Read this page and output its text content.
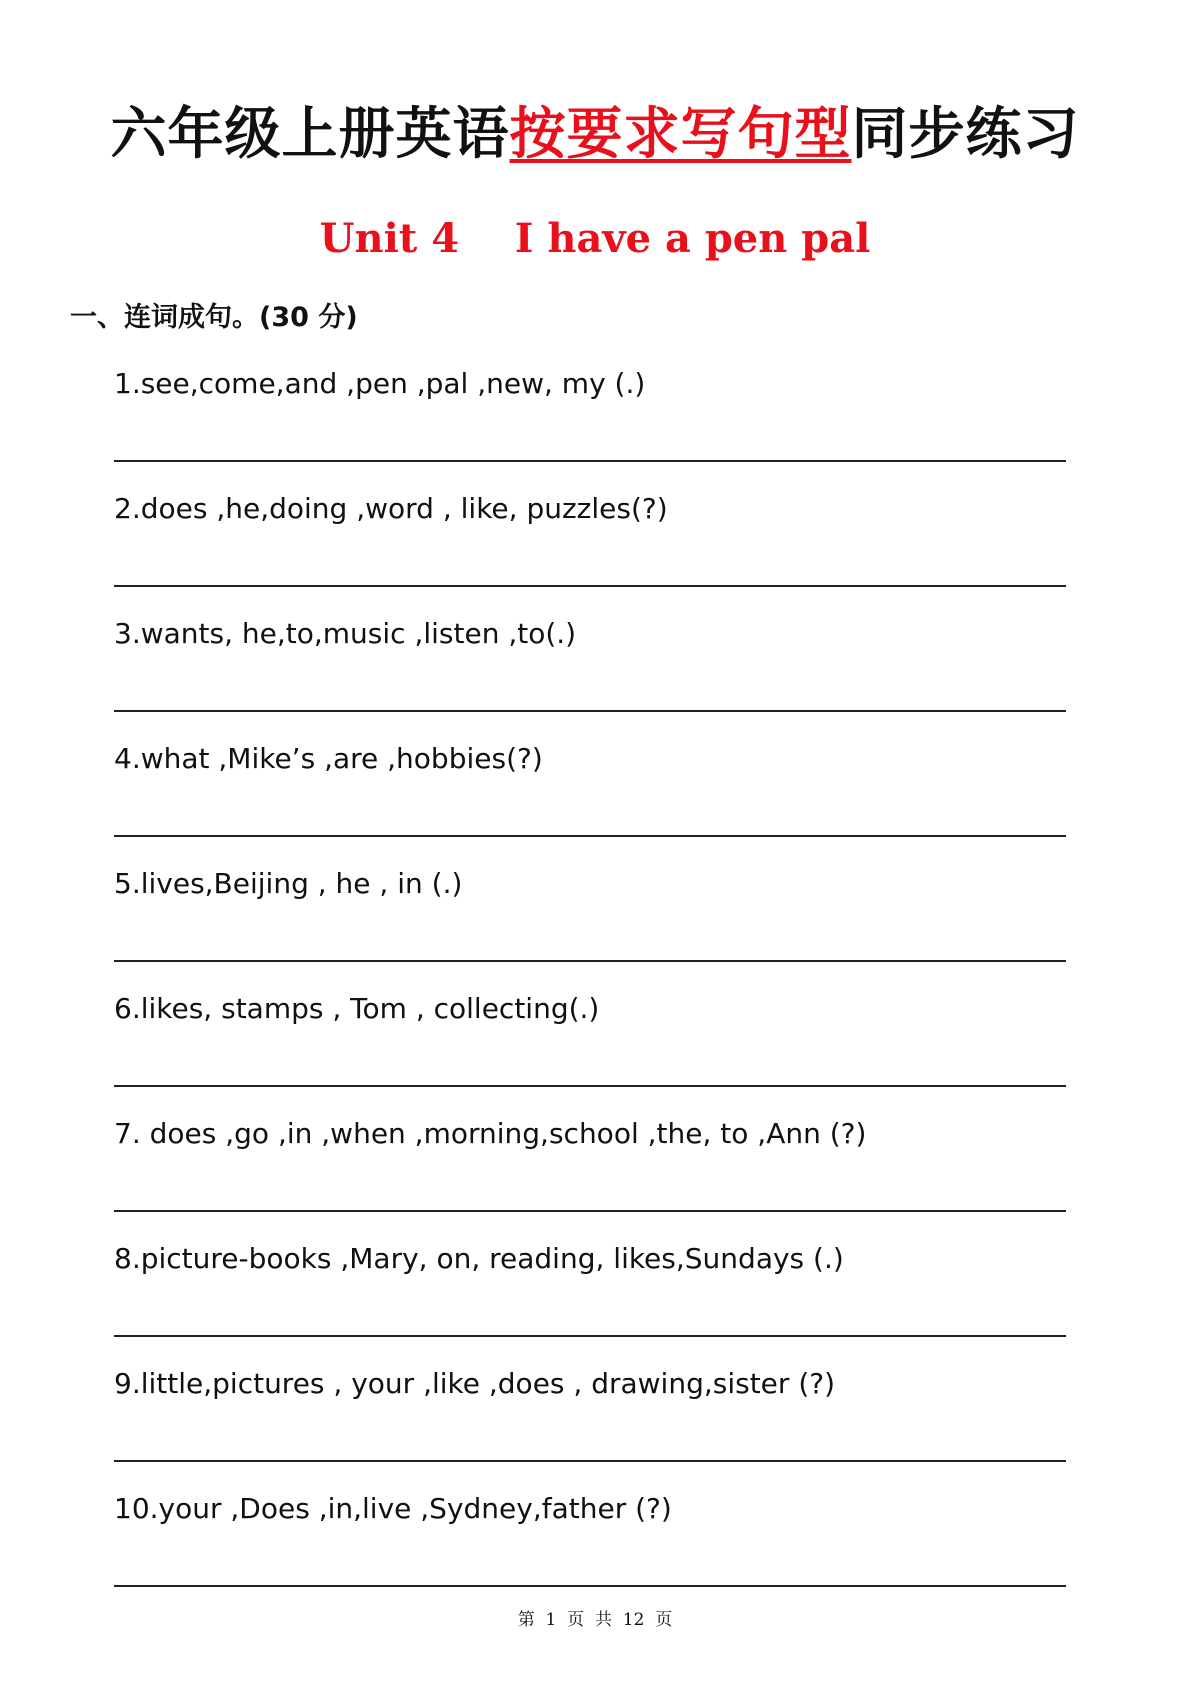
六年级上册英语按要求写句型同步练习
Unit 4    I have a pen pal
一、连词成句。(30 分)
1.see,come,and ,pen ,pal ,new, my (.)
2.does ,he,doing ,word , like, puzzles(?)
3.wants, he,to,music ,listen ,to(.)
4.what ,Mike’s ,are ,hobbies(?)
5.lives,Beijing , he , in (.)
6.likes, stamps , Tom , collecting(.)
7. does ,go ,in ,when ,morning,school ,the, to ,Ann (?)
8.picture-books ,Mary, on, reading, likes,Sundays (.)
9.little,pictures , your ,like ,does , drawing,sister (?)
10.your ,Does ,in,live ,Sydney,father (?)
第  1  页  共  12  页
